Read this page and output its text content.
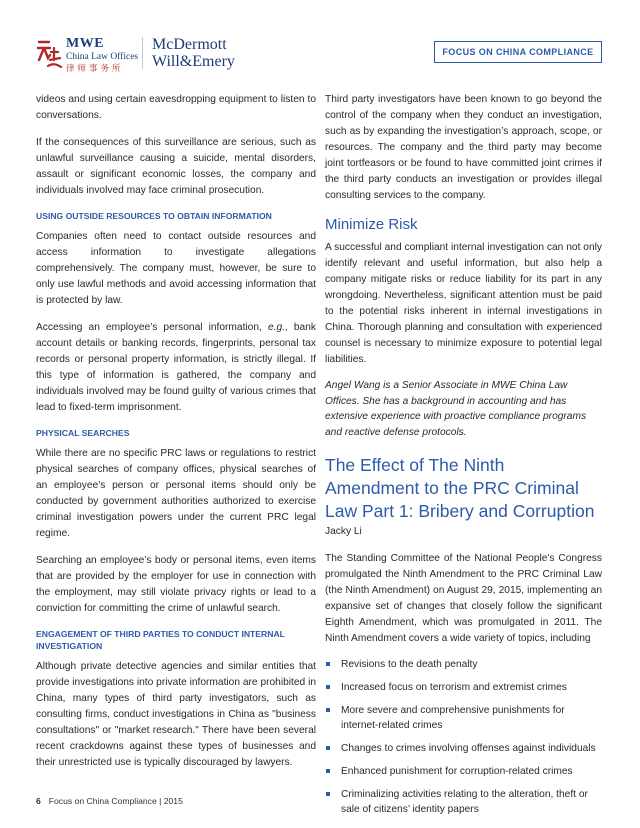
MWE
China Law Offices
律师事务所
McDermott
Will&Emery
FOCUS ON CHINA COMPLIANCE

videos and using certain eavesdropping equipment to listen to conversations.

If the consequences of this surveillance are serious, such as unlawful surveillance causing a suicide, mental disorders, assault or significant economic losses, the company and individuals involved may face criminal prosecution.

USING OUTSIDE RESOURCES TO OBTAIN INFORMATION

Companies often need to contact outside resources and access information to investigate allegations comprehensively. The company must, however, be sure to only use lawful methods and avoid accessing information that is protected by law.

Accessing an employee’s personal information, e.g., bank account details or banking records, fingerprints, personal tax records or personal property information, is strictly illegal. If this type of information is gathered, the company and individuals involved may be found guilty of various crimes that lead to fixed-term imprisonment.

PHYSICAL SEARCHES

While there are no specific PRC laws or regulations to restrict physical searches of company offices, physical searches of an employee’s person or personal items should only be conducted by government authorities authorized to exercise criminal investigation powers under the current PRC legal regime.

Searching an employee’s body or personal items, even items that are provided by the employer for use in connection with the employment, may still violate privacy rights or lead to a conviction for committing the crime of unlawful search.

ENGAGEMENT OF THIRD PARTIES TO CONDUCT INTERNAL INVESTIGATION

Although private detective agencies and similar entities that provide investigations into private information are prohibited in China, many types of third party investigators, such as consulting firms, conduct investigations in China as "business consultations" or "market research." There have been several recent crackdowns against these types of businesses and their unrestricted use is typically discouraged by lawyers.

Third party investigators have been known to go beyond the control of the company when they conduct an investigation, such as by expanding the investigation’s approach, scope, or resources. The company and the third party may become joint tortfeasors or be found to have committed joint crimes if the third party conducts an investigation or provides illegal consulting services to the company.

Minimize Risk

A successful and compliant internal investigation can not only identify relevant and useful information, but also help a company mitigate risks or reduce liability for its part in any wrongdoing. Nevertheless, significant attention must be paid to the potential risks inherent in internal investigations in China. Thorough planning and consultation with experienced counsel is necessary to minimize exposure to potential legal liabilities.

Angel Wang is a Senior Associate in MWE China Law Offices. She has a background in accounting and has extensive experience with proactive compliance programs and reactive defense protocols.

The Effect of The Ninth Amendment to the PRC Criminal Law Part 1: Bribery and Corruption
Jacky Li

The Standing Committee of the National People's Congress promulgated the Ninth Amendment to the PRC Criminal Law (the Ninth Amendment) on August 29, 2015, implementing an expansive set of changes that closely follow the significant Eighth Amendment, which was promulgated in 2011. The Ninth Amendment covers a wide variety of topics, including

Revisions to the death penalty
Increased focus on terrorism and extremist crimes
More severe and comprehensive punishments for internet-related crimes
Changes to crimes involving offenses against individuals
Enhanced punishment for corruption-related crimes
Criminalizing activities relating to the alteration, theft or sale of citizens’ identity papers
6 Focus on China Compliance | 2015
